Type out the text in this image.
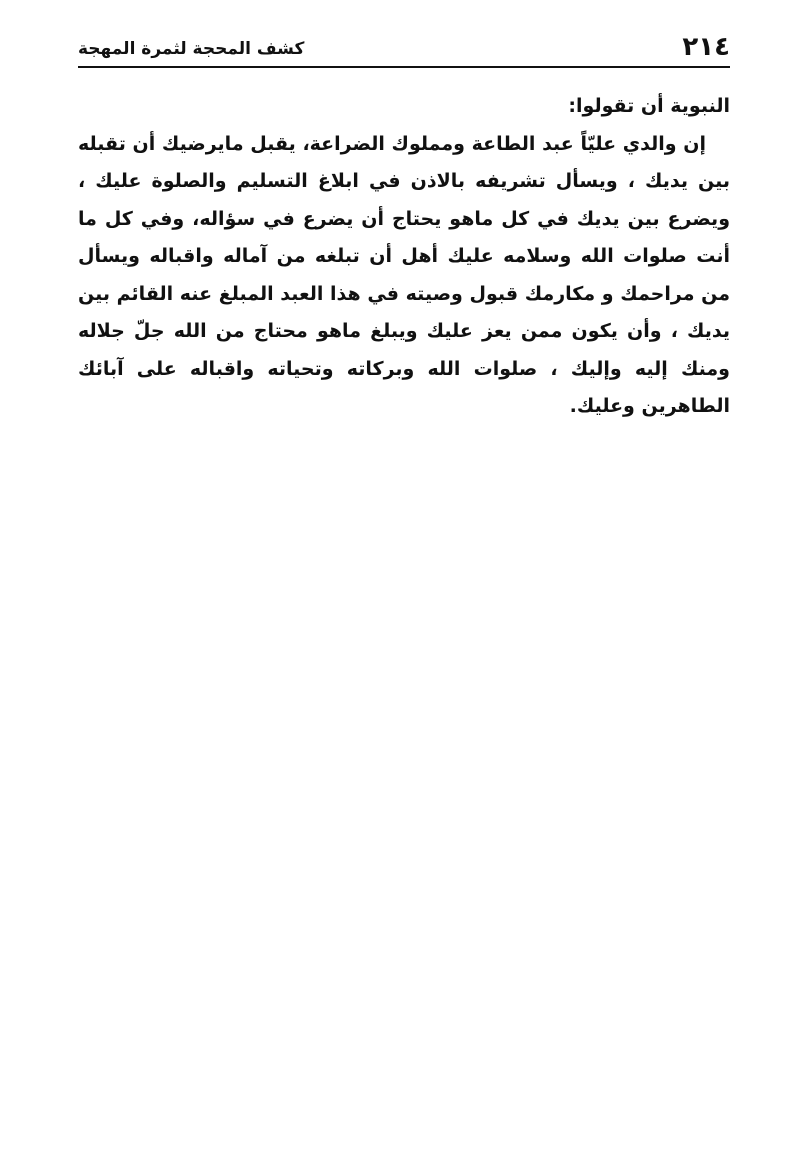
٢١٤
كشف المحجة لثمرة المهجة

النبوية أن تقولوا:

إن والدي عليّاً عبد الطاعة ومملوك الضراعة، يقبل مايرضيك أن تقبله بين يديك ، ويسأل تشريفه بالاذن في ابلاغ التسليم والصلوة عليك ، ويضرع بين يديك في كل ماهو يحتاج أن يضرع في سؤاله، وفي كل ما أنت صلوات الله وسلامه عليك أهل أن تبلغه من آماله واقباله ويسأل من مراحمك و مكارمك قبول وصيته في هذا العبد المبلغ عنه القائم بين يديك ، وأن يكون ممن يعز عليك ويبلغ ماهو محتاج من الله جلّ جلاله ومنك إليه وإليك ، صلوات الله وبركاته وتحياته واقباله على آبائك الطاهرين وعليك.
